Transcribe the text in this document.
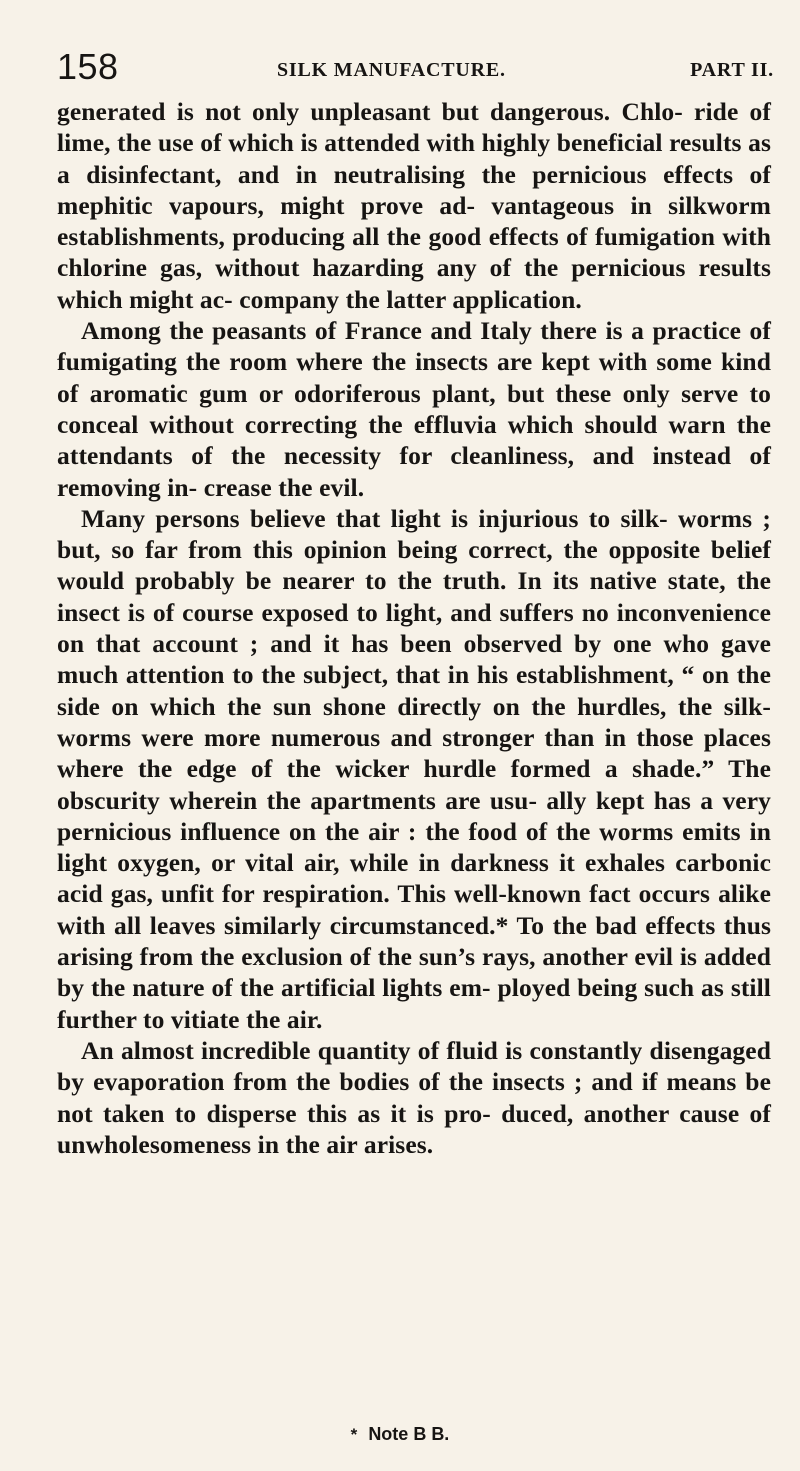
158	SILK MANUFACTURE.	PART II.

generated is not only unpleasant but dangerous. Chlo- ride of lime, the use of which is attended with highly beneficial results as a disinfectant, and in neutralising the pernicious effects of mephitic vapours, might prove ad- vantageous in silkworm establishments, producing all the good effects of fumigation with chlorine gas, without hazarding any of the pernicious results which might ac- company the latter application.

Among the peasants of France and Italy there is a practice of fumigating the room where the insects are kept with some kind of aromatic gum or odoriferous plant, but these only serve to conceal without correcting the effluvia which should warn the attendants of the necessity for cleanliness, and instead of removing in- crease the evil.

Many persons believe that light is injurious to silk- worms ; but, so far from this opinion being correct, the opposite belief would probably be nearer to the truth. In its native state, the insect is of course exposed to light, and suffers no inconvenience on that account ; and it has been observed by one who gave much attention to the subject, that in his establishment, “ on the side on which the sun shone directly on the hurdles, the silk- worms were more numerous and stronger than in those places where the edge of the wicker hurdle formed a shade.” The obscurity wherein the apartments are usu- ally kept has a very pernicious influence on the air : the food of the worms emits in light oxygen, or vital air, while in darkness it exhales carbonic acid gas, unfit for respiration. This well-known fact occurs alike with all leaves similarly circumstanced.* To the bad effects thus arising from the exclusion of the sun’s rays, another evil is added by the nature of the artificial lights em- ployed being such as still further to vitiate the air.

An almost incredible quantity of fluid is constantly disengaged by evaporation from the bodies of the insects ; and if means be not taken to disperse this as it is pro- duced, another cause of unwholesomeness in the air arises.

* Note B B.
